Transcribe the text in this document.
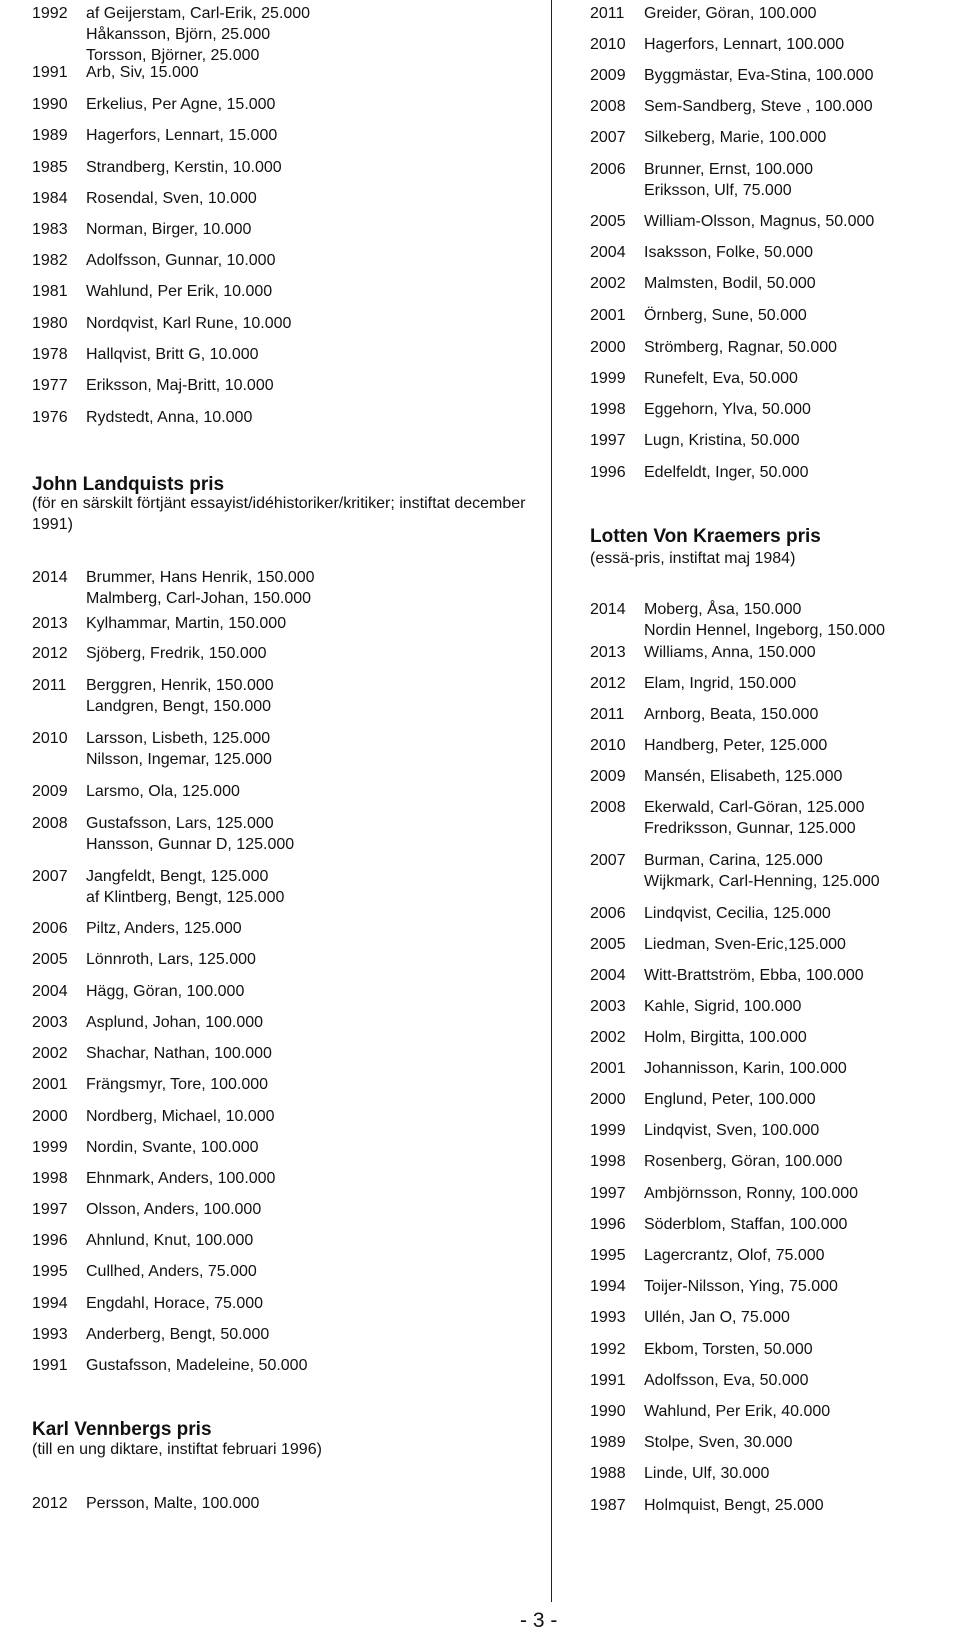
1992 af Geijerstam, Carl-Erik, 25.000
Håkansson, Björn, 25.000
Torsson, Björner, 25.000
1991 Arb, Siv, 15.000
1990 Erkelius, Per Agne, 15.000
1989 Hagerfors, Lennart, 15.000
1985 Strandberg, Kerstin, 10.000
1984 Rosendal, Sven, 10.000
1983 Norman, Birger, 10.000
1982 Adolfsson, Gunnar, 10.000
1981 Wahlund, Per Erik, 10.000
1980 Nordqvist, Karl Rune, 10.000
1978 Hallqvist, Britt G, 10.000
1977 Eriksson, Maj-Britt, 10.000
1976 Rydstedt, Anna, 10.000
John Landquists pris
(för en särskilt förtjänt essayist/idéhistoriker/kritiker; instiftat december 1991)
2014 Brummer, Hans Henrik, 150.000
Malmberg, Carl-Johan, 150.000
2013 Kylhammar, Martin, 150.000
2012 Sjöberg, Fredrik, 150.000
2011 Berggren, Henrik, 150.000
Landgren, Bengt, 150.000
2010 Larsson, Lisbeth, 125.000
Nilsson, Ingemar, 125.000
2009 Larsmo, Ola, 125.000
2008 Gustafsson, Lars, 125.000
Hansson, Gunnar D, 125.000
2007 Jangfeldt, Bengt, 125.000
af Klintberg, Bengt, 125.000
2006 Piltz, Anders, 125.000
2005 Lönnroth, Lars, 125.000
2004 Hägg, Göran, 100.000
2003 Asplund, Johan, 100.000
2002 Shachar, Nathan, 100.000
2001 Frängsmyr, Tore, 100.000
2000 Nordberg, Michael, 10.000
1999 Nordin, Svante, 100.000
1998 Ehnmark, Anders, 100.000
1997 Olsson, Anders, 100.000
1996 Ahnlund, Knut, 100.000
1995 Cullhed, Anders, 75.000
1994 Engdahl, Horace, 75.000
1993 Anderberg, Bengt, 50.000
1991 Gustafsson, Madeleine, 50.000
Karl Vennbergs pris
(till en ung diktare, instiftat februari 1996)
2012 Persson, Malte, 100.000
2011 Greider, Göran, 100.000
2010 Hagerfors, Lennart, 100.000
2009 Byggmästar, Eva-Stina, 100.000
2008 Sem-Sandberg, Steve , 100.000
2007 Silkeberg, Marie, 100.000
2006 Brunner, Ernst, 100.000
Eriksson, Ulf, 75.000
2005 William-Olsson, Magnus, 50.000
2004 Isaksson, Folke, 50.000
2002 Malmsten, Bodil, 50.000
2001 Örnberg, Sune, 50.000
2000 Strömberg, Ragnar, 50.000
1999 Runefelt, Eva, 50.000
1998 Eggehorn, Ylva, 50.000
1997 Lugn, Kristina, 50.000
1996 Edelfeldt, Inger, 50.000
Lotten Von Kraemers pris
(essä-pris, instiftat maj 1984)
2014 Moberg, Åsa, 150.000
Nordin Hennel, Ingeborg, 150.000
2013 Williams, Anna, 150.000
2012 Elam, Ingrid, 150.000
2011 Arnborg, Beata, 150.000
2010 Handberg, Peter, 125.000
2009 Mansén, Elisabeth, 125.000
2008 Ekerwald, Carl-Göran, 125.000
Fredriksson, Gunnar, 125.000
2007 Burman, Carina, 125.000
Wijkmark, Carl-Henning, 125.000
2006 Lindqvist, Cecilia, 125.000
2005 Liedman, Sven-Eric,125.000
2004 Witt-Brattström, Ebba, 100.000
2003 Kahle, Sigrid, 100.000
2002 Holm, Birgitta, 100.000
2001 Johannisson, Karin, 100.000
2000 Englund, Peter, 100.000
1999 Lindqvist, Sven, 100.000
1998 Rosenberg, Göran, 100.000
1997 Ambjörnsson, Ronny, 100.000
1996 Söderblom, Staffan, 100.000
1995 Lagercrantz, Olof, 75.000
1994 Toijer-Nilsson, Ying, 75.000
1993 Ullén, Jan O, 75.000
1992 Ekbom, Torsten, 50.000
1991 Adolfsson, Eva, 50.000
1990 Wahlund, Per Erik, 40.000
1989 Stolpe, Sven, 30.000
1988 Linde, Ulf, 30.000
1987 Holmquist, Bengt, 25.000
- 3 -
